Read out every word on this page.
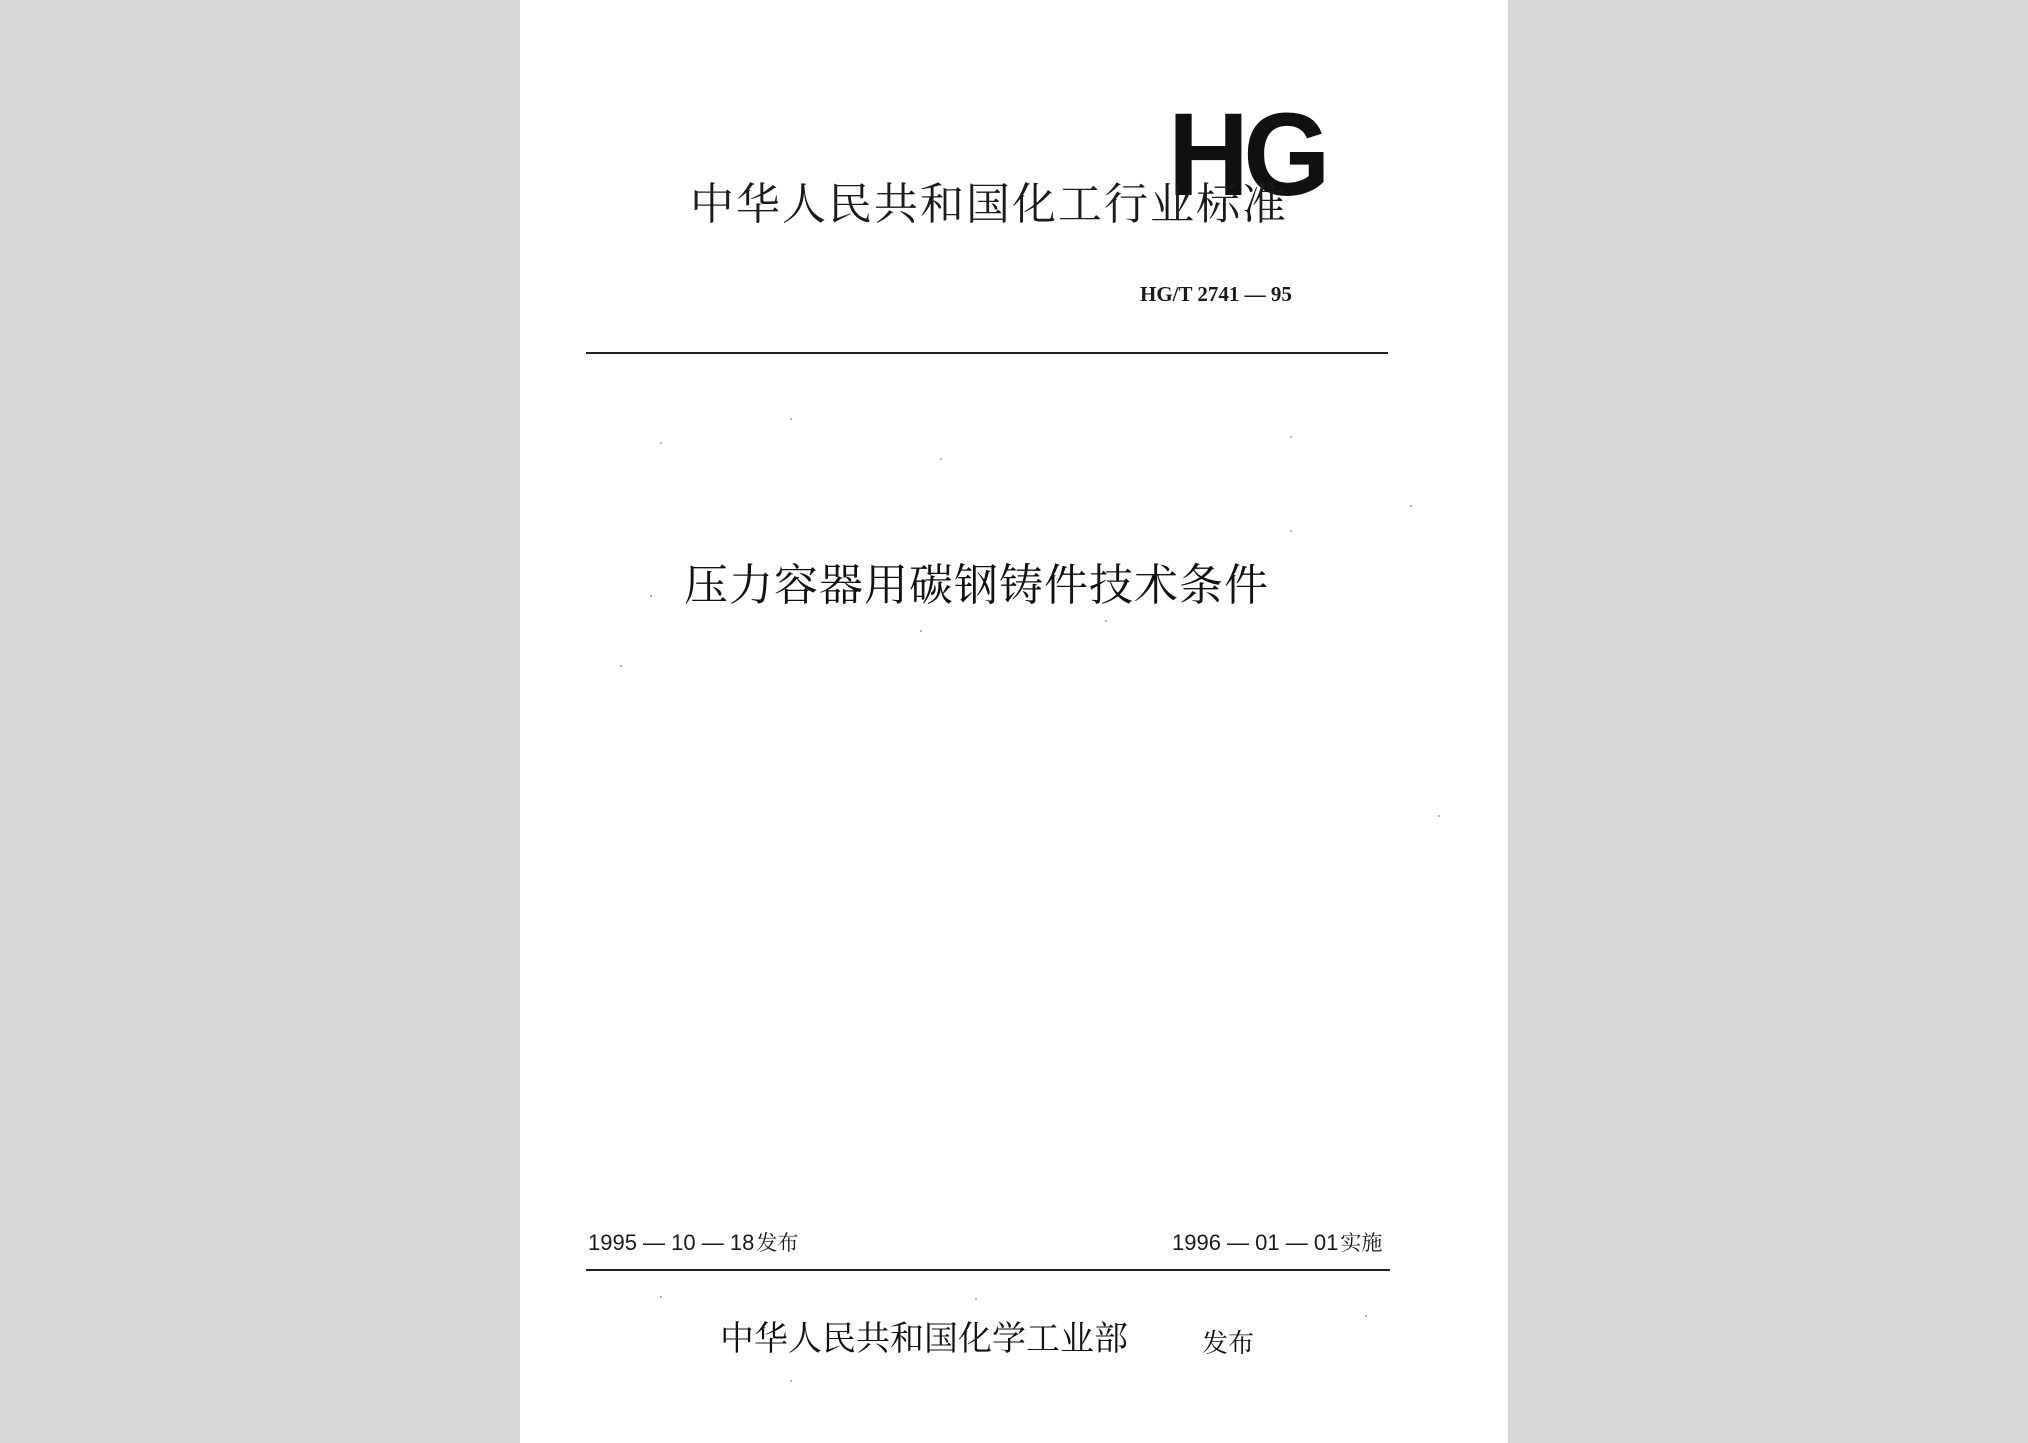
HG
中华人民共和国化工行业标准
HG/T 2741 — 95
压力容器用碳钢铸件技术条件
1995 — 10 — 18发布	1996 — 01 — 01实施
中华人民共和国化学工业部	发布
